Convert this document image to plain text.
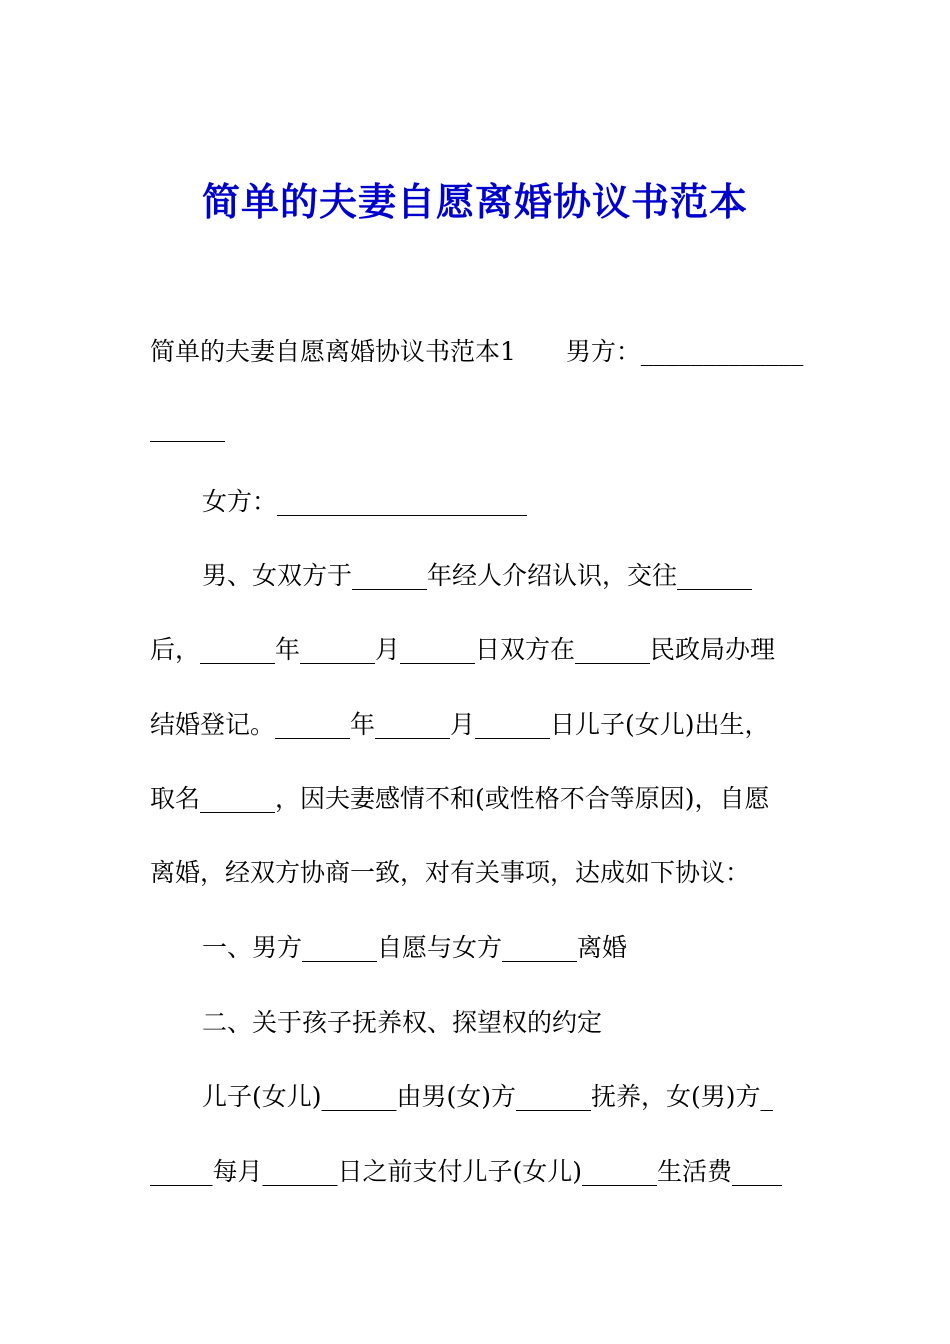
简单的夫妻自愿离婚协议书范本
简单的夫妻自愿离婚协议书范本1　　男方：_____________
______
女方：____________________
男、女双方于______年经人介绍认识，交往______
后，______年______月______日双方在______民政局办理
结婚登记。______年______月______日儿子(女儿)出生，
取名______，因夫妻感情不和(或性格不合等原因)，自愿
离婚，经双方协商一致，对有关事项，达成如下协议：
一、男方______自愿与女方______离婚
二、关于孩子抚养权、探望权的约定
儿子(女儿)______由男(女)方______抚养，女(男)方_
_____每月______日之前支付儿子(女儿)______生活费____
